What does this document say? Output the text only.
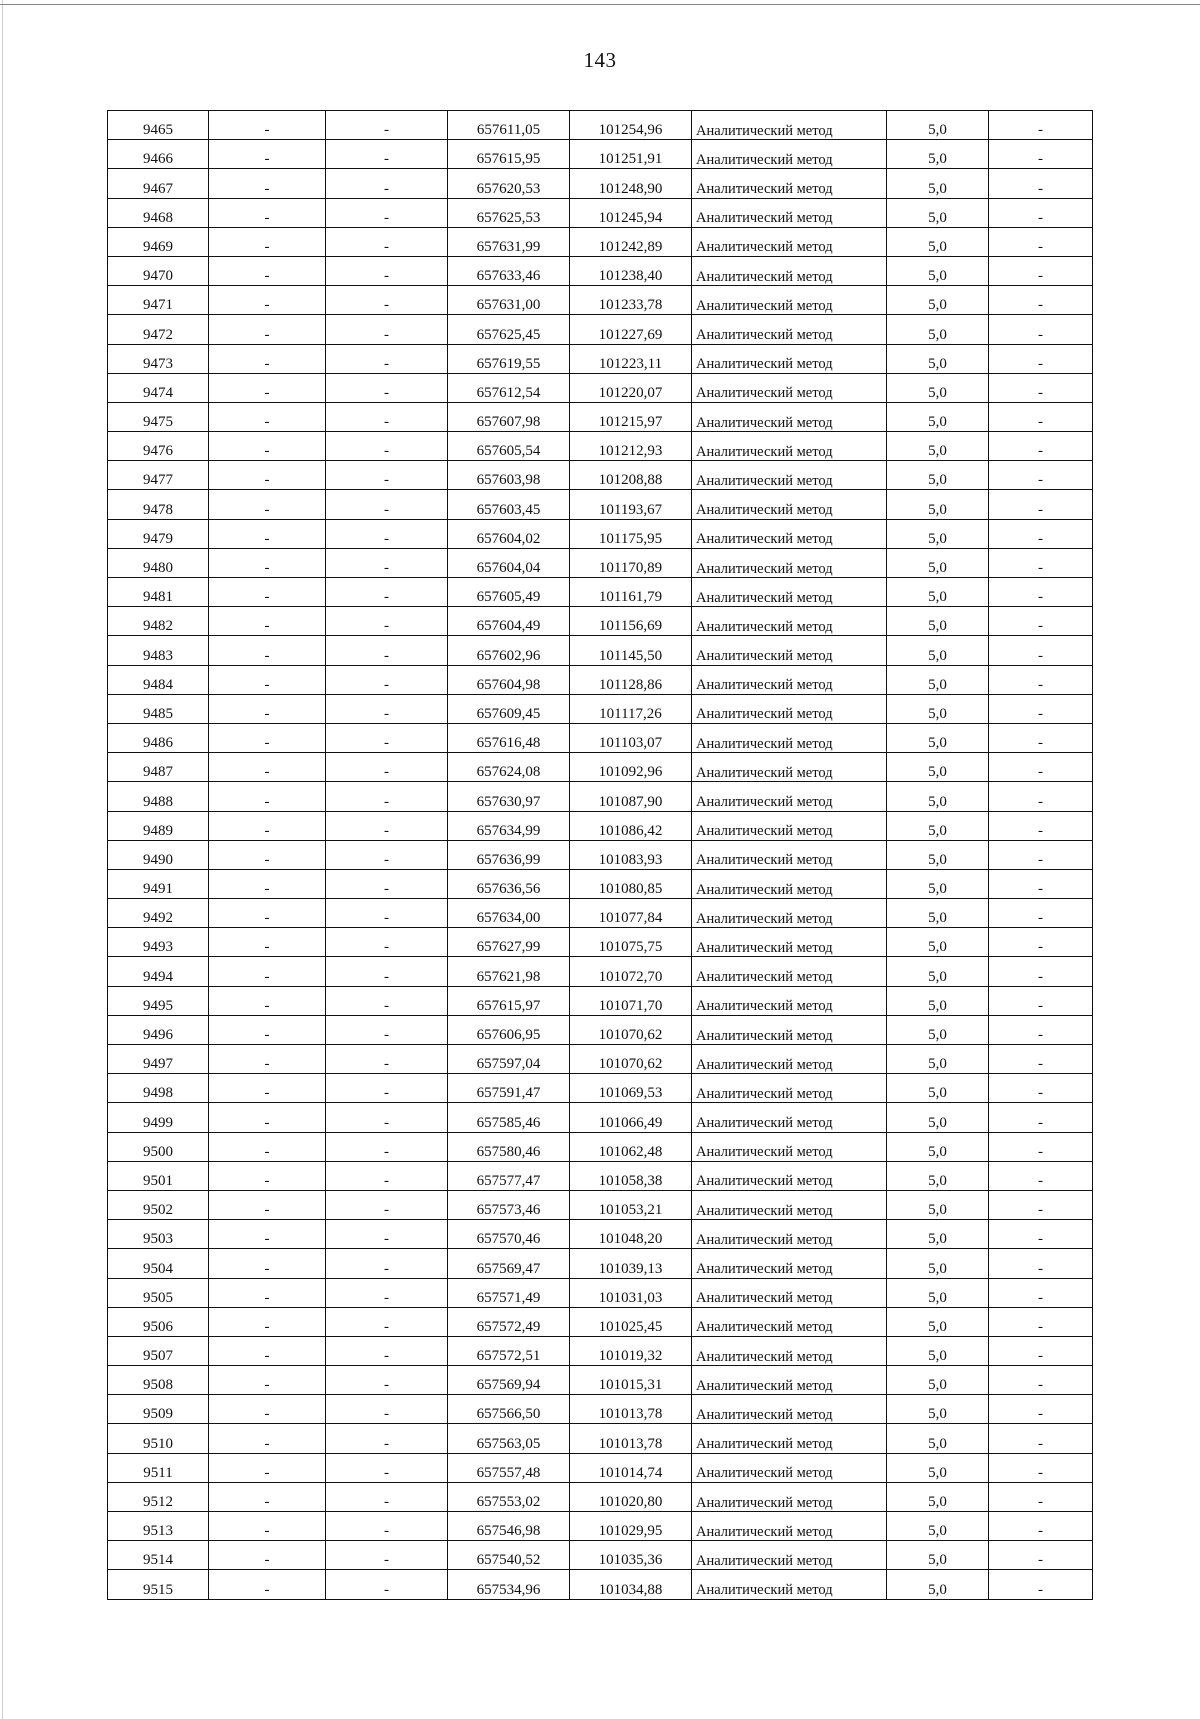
143
9465	-	-	657611,05	101254,96	Аналитический метод	5,0	-
9466	-	-	657615,95	101251,91	Аналитический метод	5,0	-
9467	-	-	657620,53	101248,90	Аналитический метод	5,0	-
9468	-	-	657625,53	101245,94	Аналитический метод	5,0	-
9469	-	-	657631,99	101242,89	Аналитический метод	5,0	-
9470	-	-	657633,46	101238,40	Аналитический метод	5,0	-
9471	-	-	657631,00	101233,78	Аналитический метод	5,0	-
9472	-	-	657625,45	101227,69	Аналитический метод	5,0	-
9473	-	-	657619,55	101223,11	Аналитический метод	5,0	-
9474	-	-	657612,54	101220,07	Аналитический метод	5,0	-
9475	-	-	657607,98	101215,97	Аналитический метод	5,0	-
9476	-	-	657605,54	101212,93	Аналитический метод	5,0	-
9477	-	-	657603,98	101208,88	Аналитический метод	5,0	-
9478	-	-	657603,45	101193,67	Аналитический метод	5,0	-
9479	-	-	657604,02	101175,95	Аналитический метод	5,0	-
9480	-	-	657604,04	101170,89	Аналитический метод	5,0	-
9481	-	-	657605,49	101161,79	Аналитический метод	5,0	-
9482	-	-	657604,49	101156,69	Аналитический метод	5,0	-
9483	-	-	657602,96	101145,50	Аналитический метод	5,0	-
9484	-	-	657604,98	101128,86	Аналитический метод	5,0	-
9485	-	-	657609,45	101117,26	Аналитический метод	5,0	-
9486	-	-	657616,48	101103,07	Аналитический метод	5,0	-
9487	-	-	657624,08	101092,96	Аналитический метод	5,0	-
9488	-	-	657630,97	101087,90	Аналитический метод	5,0	-
9489	-	-	657634,99	101086,42	Аналитический метод	5,0	-
9490	-	-	657636,99	101083,93	Аналитический метод	5,0	-
9491	-	-	657636,56	101080,85	Аналитический метод	5,0	-
9492	-	-	657634,00	101077,84	Аналитический метод	5,0	-
9493	-	-	657627,99	101075,75	Аналитический метод	5,0	-
9494	-	-	657621,98	101072,70	Аналитический метод	5,0	-
9495	-	-	657615,97	101071,70	Аналитический метод	5,0	-
9496	-	-	657606,95	101070,62	Аналитический метод	5,0	-
9497	-	-	657597,04	101070,62	Аналитический метод	5,0	-
9498	-	-	657591,47	101069,53	Аналитический метод	5,0	-
9499	-	-	657585,46	101066,49	Аналитический метод	5,0	-
9500	-	-	657580,46	101062,48	Аналитический метод	5,0	-
9501	-	-	657577,47	101058,38	Аналитический метод	5,0	-
9502	-	-	657573,46	101053,21	Аналитический метод	5,0	-
9503	-	-	657570,46	101048,20	Аналитический метод	5,0	-
9504	-	-	657569,47	101039,13	Аналитический метод	5,0	-
9505	-	-	657571,49	101031,03	Аналитический метод	5,0	-
9506	-	-	657572,49	101025,45	Аналитический метод	5,0	-
9507	-	-	657572,51	101019,32	Аналитический метод	5,0	-
9508	-	-	657569,94	101015,31	Аналитический метод	5,0	-
9509	-	-	657566,50	101013,78	Аналитический метод	5,0	-
9510	-	-	657563,05	101013,78	Аналитический метод	5,0	-
9511	-	-	657557,48	101014,74	Аналитический метод	5,0	-
9512	-	-	657553,02	101020,80	Аналитический метод	5,0	-
9513	-	-	657546,98	101029,95	Аналитический метод	5,0	-
9514	-	-	657540,52	101035,36	Аналитический метод	5,0	-
9515	-	-	657534,96	101034,88	Аналитический метод	5,0	-
